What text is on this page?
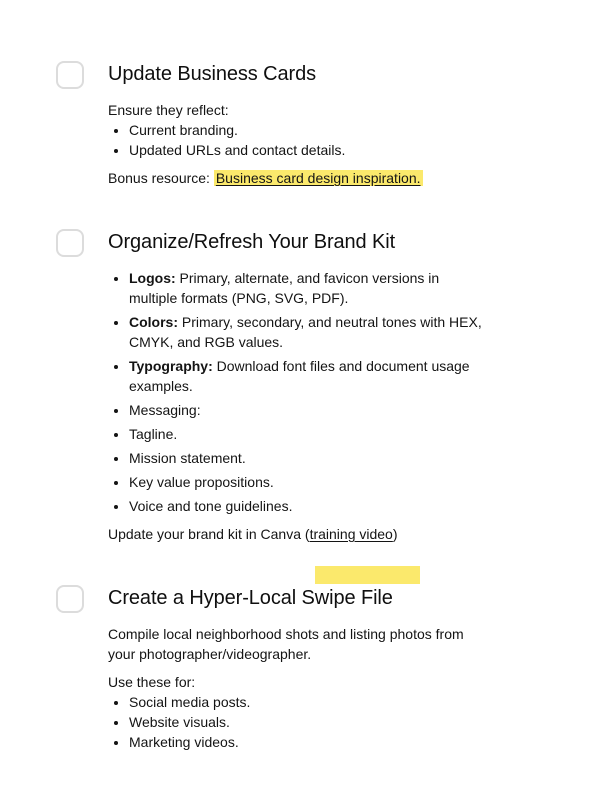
Update Business Cards

Ensure they reflect:

• Current branding.
• Updated URLs and contact details.

Bonus resource: Business card design inspiration.

Organize/Refresh Your Brand Kit
• Logos: Primary, alternate, and favicon versions in multiple formats (PNG, SVG, PDF).
• Colors: Primary, secondary, and neutral tones with HEX, CMYK, and RGB values.
• Typography: Download font files and document usage examples.
• Messaging:
• Tagline.
• Mission statement.
• Key value propositions.
• Voice and tone guidelines.

Update your brand kit in Canva (training video)

Create a Hyper-Local Swipe File

Compile local neighborhood shots and listing photos from your photographer/videographer.

Use these for:

• Social media posts.
• Website visuals.
• Marketing videos.
